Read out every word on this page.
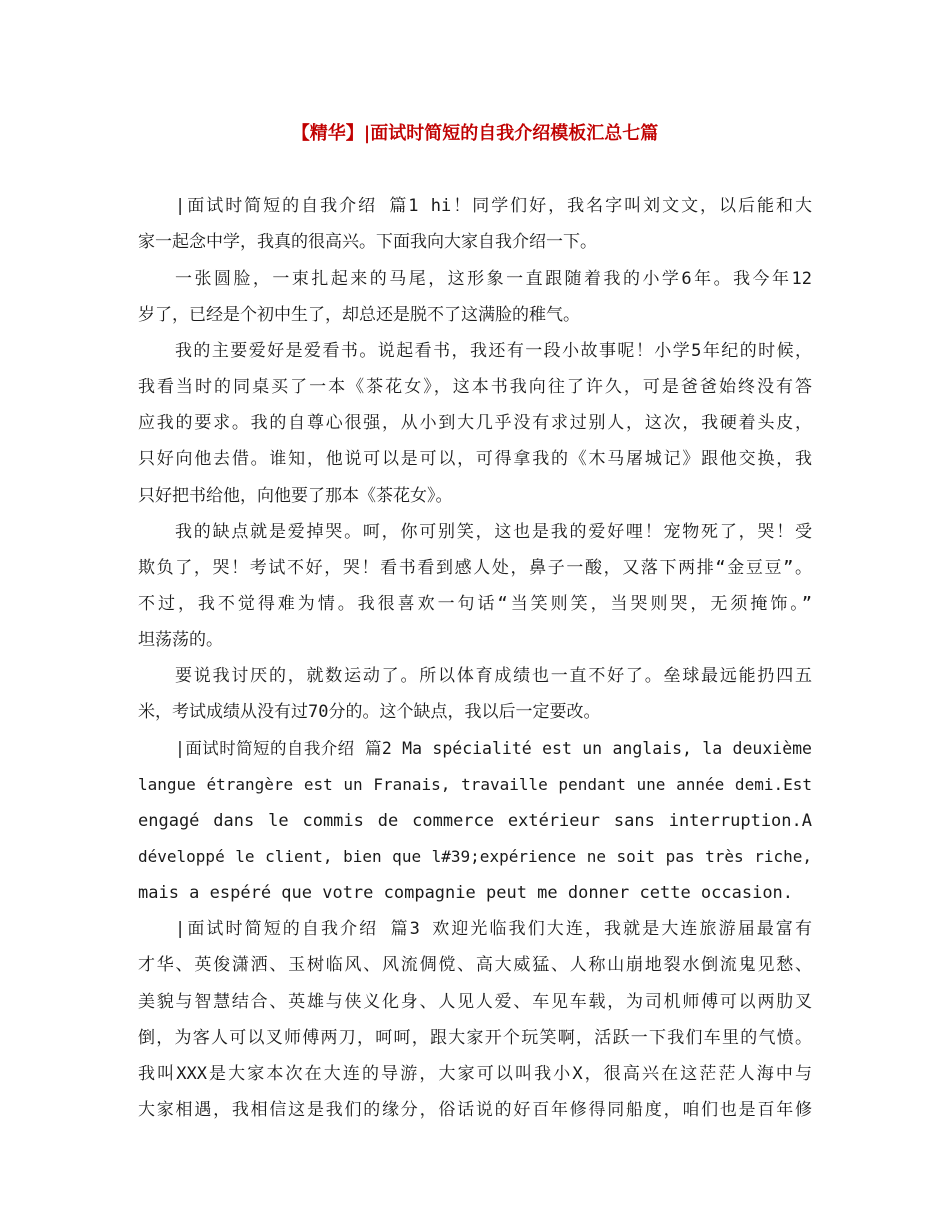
【精华】|面试时简短的自我介绍模板汇总七篇
|面试时简短的自我介绍 篇1 hi！同学们好，我名字叫刘文文，以后能和大
家一起念中学，我真的很高兴。下面我向大家自我介绍一下。
一张圆脸，一束扎起来的马尾，这形象一直跟随着我的小学6年。我今年12
岁了，已经是个初中生了，却总还是脱不了这满脸的稚气。
我的主要爱好是爱看书。说起看书，我还有一段小故事呢！小学5年纪的时候，
我看当时的同桌买了一本《茶花女》，这本书我向往了许久，可是爸爸始终没有答
应我的要求。我的自尊心很强，从小到大几乎没有求过别人，这次，我硬着头皮，
只好向他去借。谁知，他说可以是可以，可得拿我的《木马屠城记》跟他交换，我
只好把书给他，向他要了那本《茶花女》。
我的缺点就是爱掉哭。呵，你可别笑，这也是我的爱好哩！宠物死了，哭！受
欺负了，哭！考试不好，哭！看书看到感人处，鼻子一酸，又落下两排“金豆豆”。
不过，我不觉得难为情。我很喜欢一句话“当笑则笑，当哭则哭，无须掩饰。”
坦荡荡的。
要说我讨厌的，就数运动了。所以体育成绩也一直不好了。垒球最远能扔四五
米，考试成绩从没有过70分的。这个缺点，我以后一定要改。
|面试时简短的自我介绍 篇2 Ma spécialité est un anglais, la deuxième
langue étrangère est un Franais, travaille pendant une année demi.Est
engagé dans le commis de commerce extérieur sans interruption.A
développé le client, bien que l#39;expérience ne soit pas très riche,
mais a espéré que votre compagnie peut me donner cette occasion.
|面试时简短的自我介绍 篇3 欢迎光临我们大连，我就是大连旅游届最富有
才华、英俊潇洒、玉树临风、风流倜傥、高大威猛、人称山崩地裂水倒流鬼见愁、
美貌与智慧结合、英雄与侠义化身、人见人爱、车见车载，为司机师傅可以两肋叉
倒，为客人可以叉师傅两刀，呵呵，跟大家开个玩笑啊，活跃一下我们车里的气愤。
我叫XXX是大家本次在大连的导游，大家可以叫我小X，很高兴在这茫茫人海中与
大家相遇，我相信这是我们的缘分，俗话说的好百年修得同船度，咱们也是百年修
